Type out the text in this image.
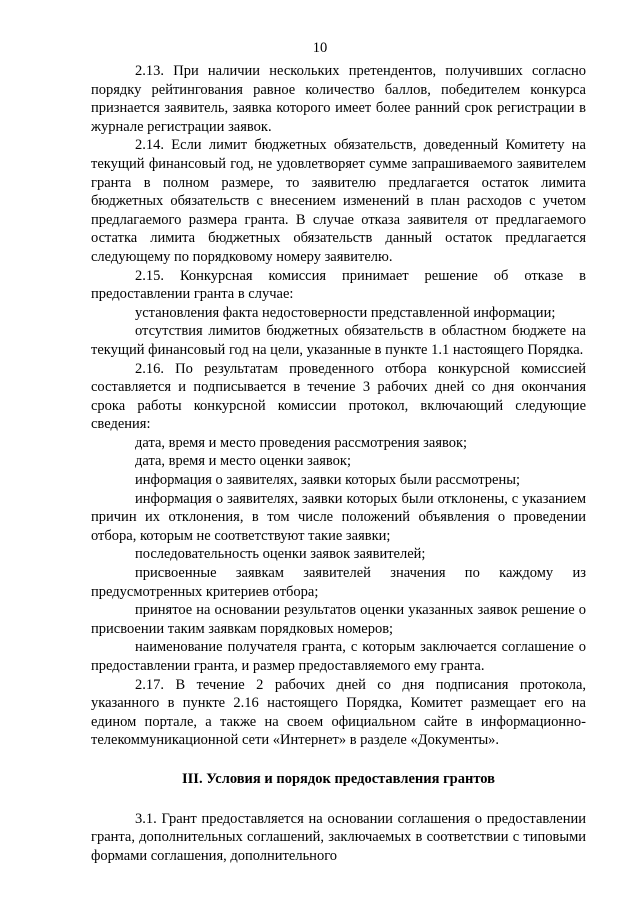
10

2.13. При наличии нескольких претендентов, получивших согласно порядку рейтингования равное количество баллов, победителем конкурса признается заявитель, заявка которого имеет более ранний срок регистрации в журнале регистрации заявок.

2.14. Если лимит бюджетных обязательств, доведенный Комитету на текущий финансовый год, не удовлетворяет сумме запрашиваемого заявителем гранта в полном размере, то заявителю предлагается остаток лимита бюджетных обязательств с внесением изменений в план расходов с учетом предлагаемого размера гранта. В случае отказа заявителя от предлагаемого остатка лимита бюджетных обязательств данный остаток предлагается следующему по порядковому номеру заявителю.

2.15. Конкурсная комиссия принимает решение об отказе в предоставлении гранта в случае:

установления факта недостоверности представленной информации;

отсутствия лимитов бюджетных обязательств в областном бюджете на текущий финансовый год на цели, указанные в пункте 1.1 настоящего Порядка.

2.16. По результатам проведенного отбора конкурсной комиссией составляется и подписывается в течение 3 рабочих дней со дня окончания срока работы конкурсной комиссии протокол, включающий следующие сведения:

дата, время и место проведения рассмотрения заявок;

дата, время и место оценки заявок;

информация о заявителях, заявки которых были рассмотрены;

информация о заявителях, заявки которых были отклонены, с указанием причин их отклонения, в том числе положений объявления о проведении отбора, которым не соответствуют такие заявки;

последовательность оценки заявок заявителей;

присвоенные заявкам заявителей значения по каждому из предусмотренных критериев отбора;

принятое на основании результатов оценки указанных заявок решение о присвоении таким заявкам порядковых номеров;

наименование получателя гранта, с которым заключается соглашение о предоставлении гранта, и размер предоставляемого ему гранта.

2.17. В течение 2 рабочих дней со дня подписания протокола, указанного в пункте 2.16 настоящего Порядка, Комитет размещает его на едином портале, а также на своем официальном сайте в информационно-телекоммуникационной сети «Интернет» в разделе «Документы».

III. Условия и порядок предоставления грантов

3.1. Грант предоставляется на основании соглашения о предоставлении гранта, дополнительных соглашений, заключаемых в соответствии с типовыми формами соглашения, дополнительного
